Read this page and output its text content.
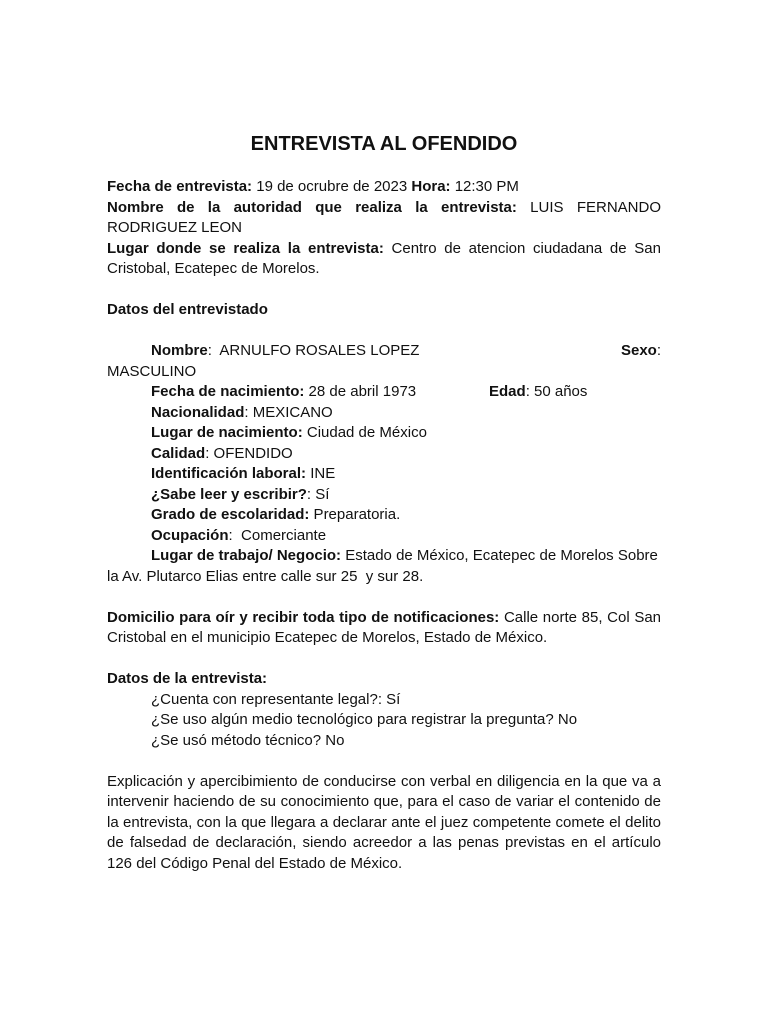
ENTREVISTA AL OFENDIDO

Fecha de entrevista: 19 de ocrubre de 2023 Hora: 12:30 PM

Nombre de la autoridad que realiza la entrevista: LUIS FERNANDO RODRIGUEZ LEON

Lugar donde se realiza la entrevista: Centro de atencion ciudadana de San Cristobal, Ecatepec de Morelos.

Datos del entrevistado

Nombre:  ARNULFO ROSALES LOPEZ	Sexo:
MASCULINO
Fecha de nacimiento: 28 de abril 1973	Edad: 50 años

Nacionalidad: MEXICANO

Lugar de nacimiento: Ciudad de México

Calidad: OFENDIDO

Identificación laboral: INE

¿Sabe leer y escribir?: Sí

Grado de escolaridad: Preparatoria.

Ocupación:  Comerciante

Lugar de trabajo/ Negocio: Estado de México, Ecatepec de Morelos Sobre

la Av. Plutarco Elias entre calle sur 25  y sur 28.

Domicilio para oír y recibir toda tipo de notificaciones: Calle norte 85, Col San Cristobal en el municipio Ecatepec de Morelos, Estado de México.

Datos de la entrevista:

¿Cuenta con representante legal?: Sí

¿Se uso algún medio tecnológico para registrar la pregunta? No

¿Se usó método técnico? No

Explicación y apercibimiento de conducirse con verbal en diligencia en la que va a intervenir haciendo de su conocimiento que, para el caso de variar el contenido de la entrevista, con la que llegara a declarar ante el juez competente comete el delito de falsedad de declaración, siendo acreedor a las penas previstas en el artículo 126 del Código Penal del Estado de México.
